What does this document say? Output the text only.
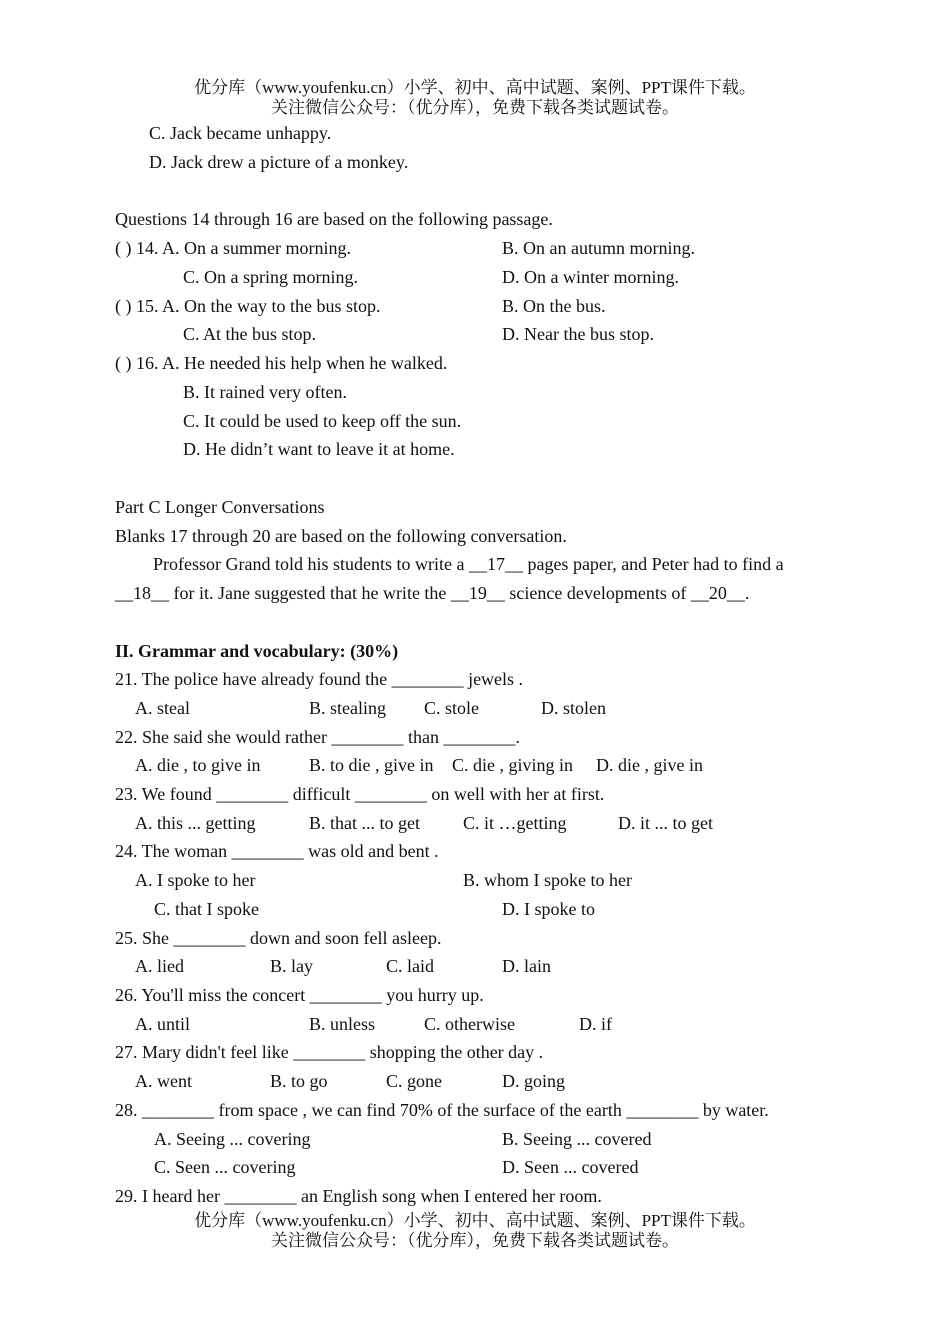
优分库（www.youfenku.cn）小学、初中、高中试题、案例、PPT课件下载。
关注微信公众号：（优分库），免费下载各类试题试卷。
C. Jack became unhappy.
D. Jack drew a picture of a monkey.
Questions 14 through 16 are based on the following passage.
( ) 14. A. On a summer morning.	B. On an autumn morning.
C. On a spring morning.	D. On a winter morning.
( ) 15. A. On the way to the bus stop.	B. On the bus.
C. At the bus stop.	D. Near the bus stop.
( ) 16. A. He needed his help when he walked.
B. It rained very often.
C. It could be used to keep off the sun.
D. He didn’t want to leave it at home.
Part C Longer Conversations
Blanks 17 through 20 are based on the following conversation.
Professor Grand told his students to write a __17__ pages paper, and Peter had to find a
__18__ for it. Jane suggested that he write the __19__ science developments of __20__.
II. Grammar and vocabulary: (30%)
21. The police have already found the ________ jewels .
A. steal	B. stealing C. stole	D. stolen
22. She said she would rather ________ than ________.
A. die , to give in	B. to die , give in C. die , giving in D. die , give in
23. We found ________ difficult ________ on well with her at first.
A. this ... getting	B. that ... to get C. it …getting	D. it ... to get
24. The woman ________ was old and bent .
A. I spoke to her	B. whom I spoke to her
C. that I spoke	D. I spoke to
25. She ________ down and soon fell asleep.
A. lied	B. lay	C. laid	D. lain
26. You'll miss the concert ________ you hurry up.
A. until	B. unless	C. otherwise	D. if
27. Mary didn't feel like ________ shopping the other day .
A. went	B. to go	C. gone	D. going
28. ________ from space , we can find 70% of the surface of the earth ________ by water.
A. Seeing ... covering	B. Seeing ... covered
C. Seen ... covering	D. Seen ... covered
29. I heard her ________ an English song when I entered her room.
优分库（www.youfenku.cn）小学、初中、高中试题、案例、PPT课件下载。
关注微信公众号：（优分库），免费下载各类试题试卷。
